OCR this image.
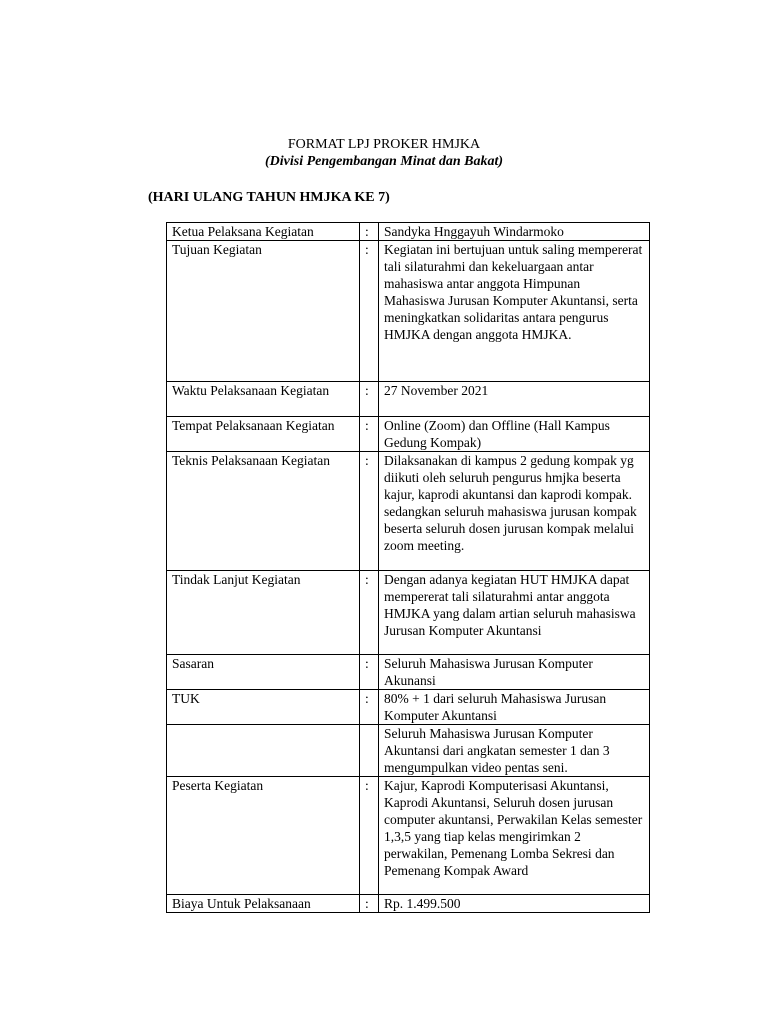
FORMAT LPJ PROKER HMJKA
(Divisi Pengembangan Minat dan Bakat)
(HARI ULANG TAHUN HMJKA KE 7)
Ketua Pelaksana Kegiatan	:	Sandyka Hnggayuh Windarmoko
Tujuan Kegiatan	:	Kegiatan ini bertujuan untuk saling mempererat tali silaturahmi dan kekeluargaan antar mahasiswa antar anggota Himpunan Mahasiswa Jurusan Komputer Akuntansi, serta meningkatkan solidaritas antara pengurus HMJKA dengan anggota HMJKA.
Waktu Pelaksanaan Kegiatan	:	27 November 2021
Tempat Pelaksanaan Kegiatan	:	Online (Zoom) dan Offline (Hall Kampus Gedung Kompak)
Teknis Pelaksanaan Kegiatan	:	Dilaksanakan di kampus 2 gedung kompak yg diikuti oleh seluruh pengurus hmjka beserta kajur, kaprodi akuntansi dan kaprodi kompak. sedangkan seluruh mahasiswa jurusan kompak beserta seluruh dosen jurusan kompak melalui zoom meeting.
Tindak Lanjut Kegiatan	:	Dengan adanya kegiatan HUT HMJKA dapat mempererat tali silaturahmi antar anggota HMJKA yang dalam artian seluruh mahasiswa Jurusan Komputer Akuntansi
Sasaran	:	Seluruh Mahasiswa Jurusan Komputer Akunansi
TUK	:	80% + 1 dari seluruh Mahasiswa Jurusan Komputer Akuntansi
		Seluruh Mahasiswa Jurusan Komputer Akuntansi dari angkatan semester 1 dan 3 mengumpulkan video pentas seni.
Peserta Kegiatan	:	Kajur, Kaprodi Komputerisasi Akuntansi, Kaprodi Akuntansi, Seluruh dosen jurusan computer akuntansi, Perwakilan Kelas semester 1,3,5 yang tiap kelas mengirimkan 2 perwakilan, Pemenang Lomba Sekresi dan Pemenang Kompak Award
Biaya Untuk Pelaksanaan	:	Rp. 1.499.500
